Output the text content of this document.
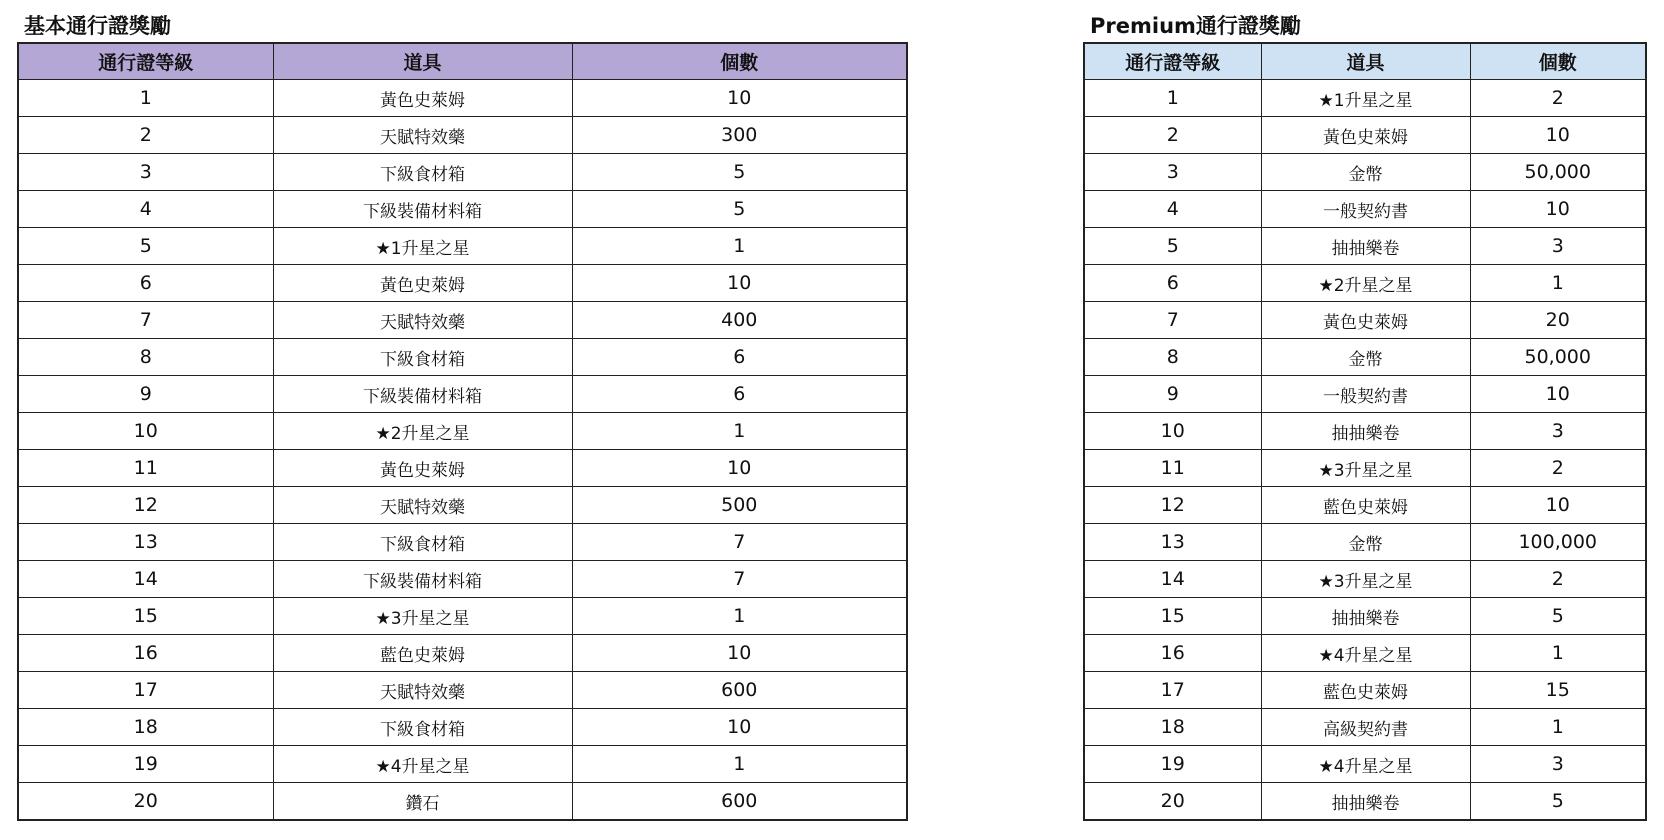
基本通行證獎勵
通行證等級	道具	個數
1	黃色史萊姆	10
2	天賦特效藥	300
3	下級食材箱	5
4	下級裝備材料箱	5
5	★1升星之星	1
6	黃色史萊姆	10
7	天賦特效藥	400
8	下級食材箱	6
9	下級裝備材料箱	6
10	★2升星之星	1
11	黃色史萊姆	10
12	天賦特效藥	500
13	下級食材箱	7
14	下級裝備材料箱	7
15	★3升星之星	1
16	藍色史萊姆	10
17	天賦特效藥	600
18	下級食材箱	10
19	★4升星之星	1
20	鑽石	600
Premium通行證獎勵
通行證等級	道具	個數
1	★1升星之星	2
2	黃色史萊姆	10
3	金幣	50,000
4	一般契約書	10
5	抽抽樂卷	3
6	★2升星之星	1
7	黃色史萊姆	20
8	金幣	50,000
9	一般契約書	10
10	抽抽樂卷	3
11	★3升星之星	2
12	藍色史萊姆	10
13	金幣	100,000
14	★3升星之星	2
15	抽抽樂卷	5
16	★4升星之星	1
17	藍色史萊姆	15
18	高級契約書	1
19	★4升星之星	3
20	抽抽樂卷	5
